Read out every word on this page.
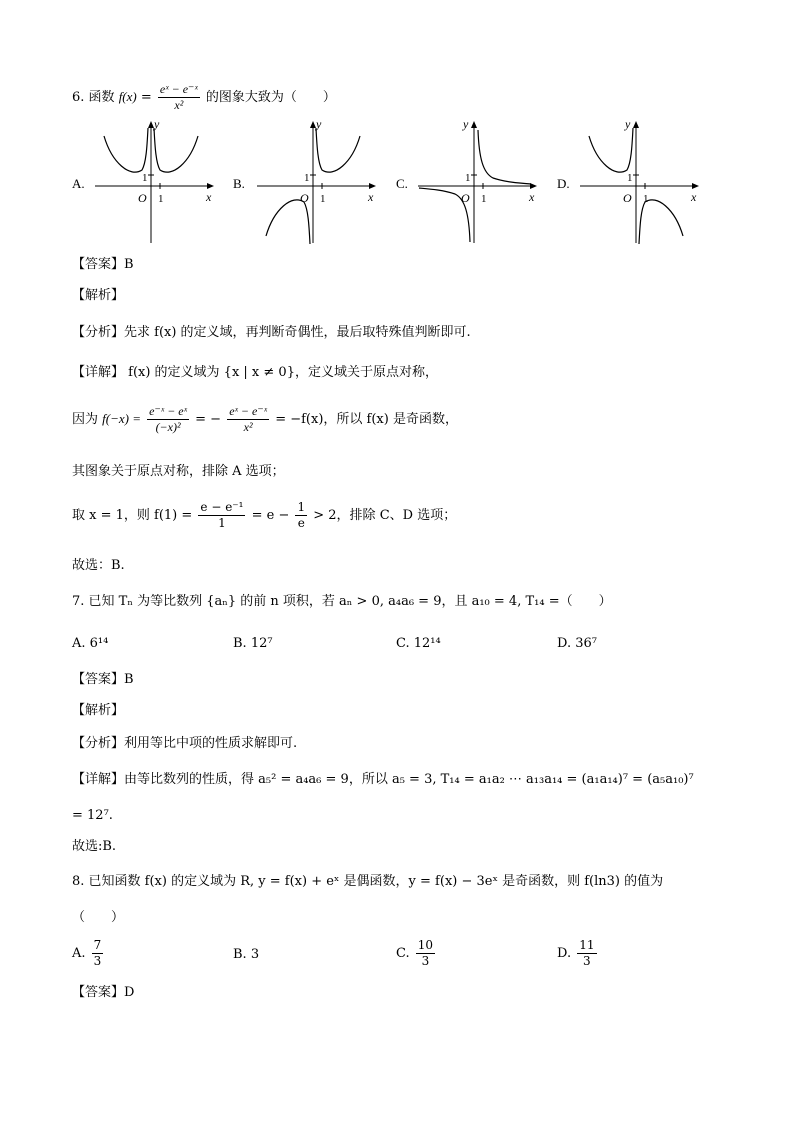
6. 函数 $f(x) = \frac{\text{eˣ − e⁻ˣ}}{\text{x²}}$ 的图象大致为（　　）
A.	B.	C.	D.
y
x
O
1
1
y
x
O
1
1
y
x
O
1
1
y
x
O
1
1
【答案】B
【解析】
【分析】先求 f(x) 的定义域，再判断奇偶性，最后取特殊值判断即可.
【详解】 f(x) 的定义域为 {x | x ≠ 0}，定义域关于原点对称，
因为 $f(-x) = \frac{\text{e⁻ˣ − eˣ}}{\text{(−x)²}}$ = − $\frac{\text{eˣ − e⁻ˣ}}{\text{x²}} = -f(x)$，所以 f(x) 是奇函数，
其图象关于原点对称，排除 A 选项；
取 x = 1，则 $f(1) = \frac{\text{e − e⁻¹}}{1} = e - \frac{1}{e} > 2$，排除 C、D 选项；
故选：B.
7. 已知 Tₙ 为等比数列 {aₙ} 的前 n 项积，若 aₙ > 0, a₄a₆ = 9，且 a₁₀ = 4, T₁₄ =（　　）
A. 6¹⁴	B. 12⁷	C. 12¹⁴	D. 36⁷
【答案】B
【解析】
【分析】利用等比中项的性质求解即可.
【详解】由等比数列的性质，得 a₅² = a₄a₆ = 9，所以 a₅ = 3, T₁₄ = a₁a₂ ⋯ a₁₃a₁₄ = (a₁a₁₄)⁷ = (a₅a₁₀)⁷
= 12⁷.
故选:B.
8. 已知函数 f(x) 的定义域为 R, y = f(x) + eˣ 是偶函数，y = f(x) − 3eˣ 是奇函数，则 f(ln3) 的值为
（　　）
A. $\frac{7}{3}$	B. 3	C. $\frac{10}{3}$	D. $\frac{11}{3}$
【答案】D
